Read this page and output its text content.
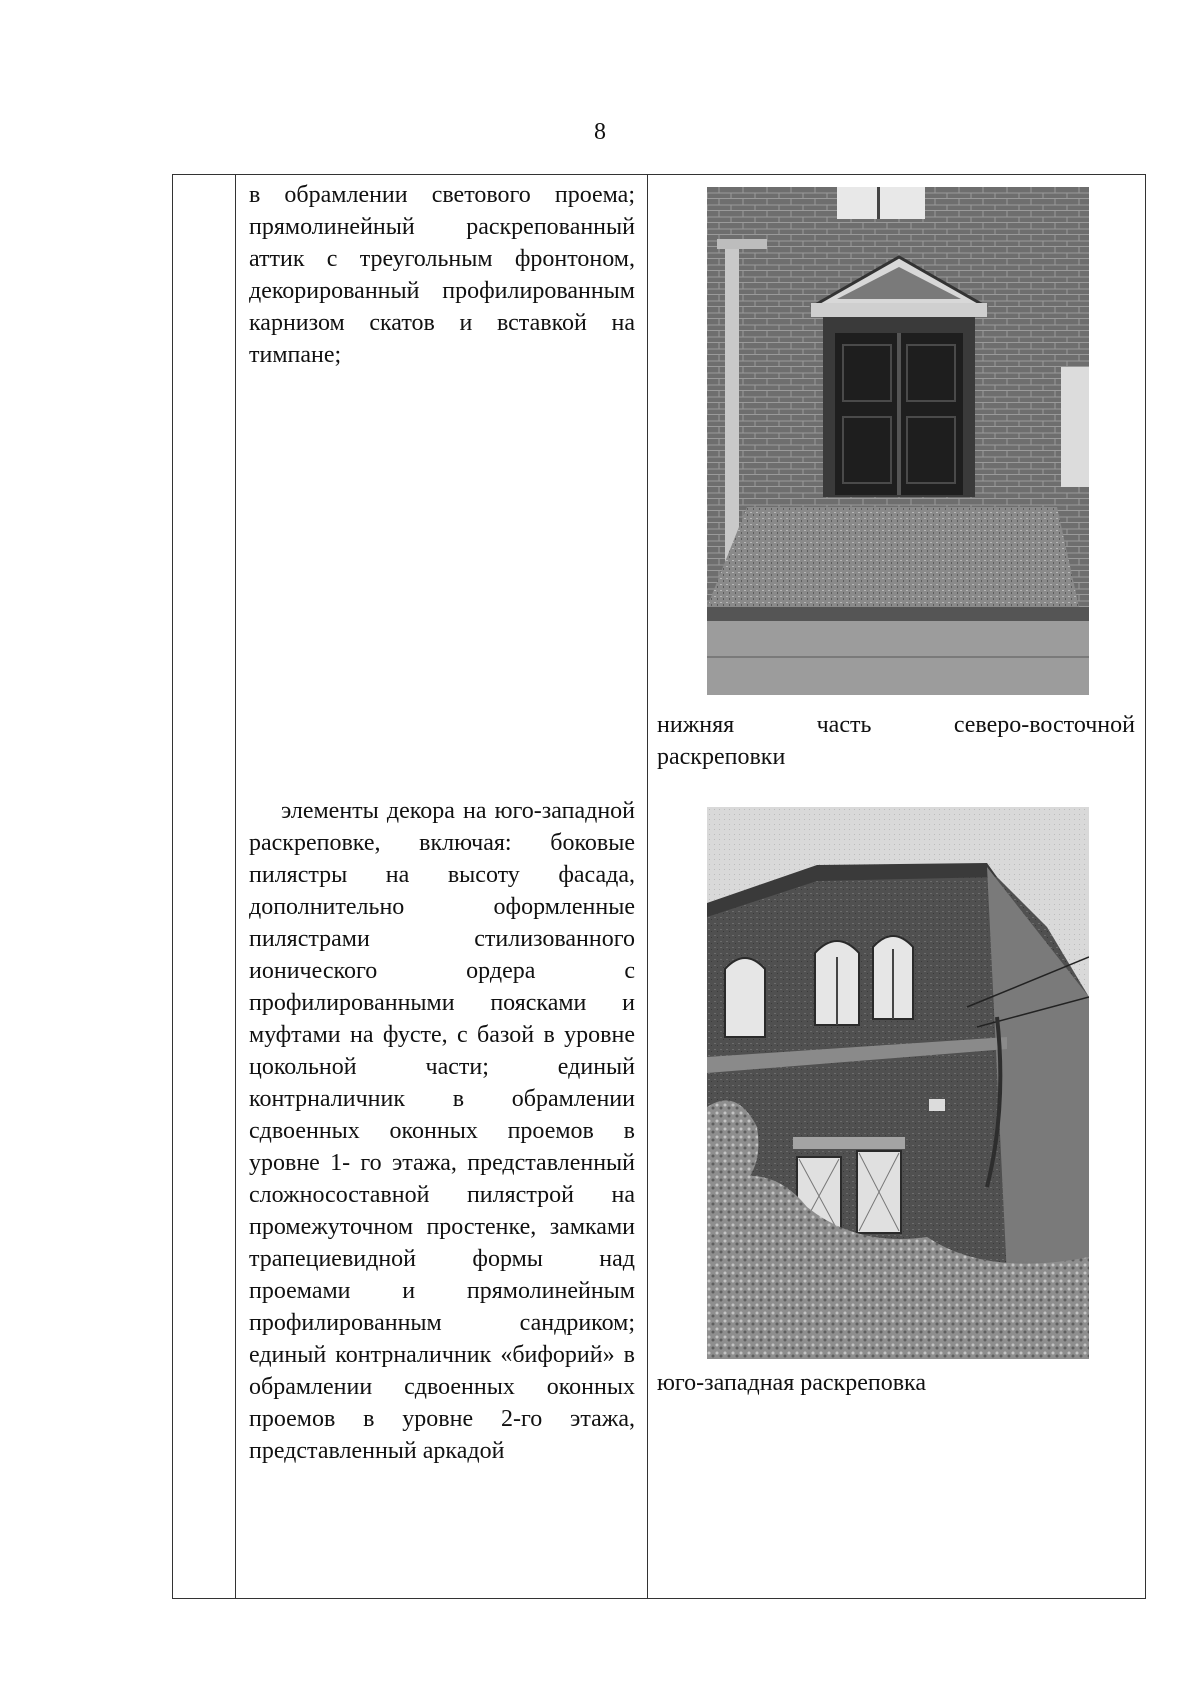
8
в обрамлении светового проема; прямолинейный раскрепованный аттик с треугольным фронтоном, декорированный профилированным карнизом скатов и вставкой на тимпане;
нижняя часть северо-восточной
раскреповки
элементы декора на юго-западной раскреповке, включая: боковые пилястры на высоту фасада, дополнительно оформленные пилястрами стилизованного ионического ордера с профилированными поясками и муфтами на фусте, с базой в уровне цокольной части; единый контрналичник в обрамлении сдвоенных оконных проемов в уровне 1- го этажа, представленный сложносоставной пилястрой на промежуточном простенке, замками трапециевидной формы над проемами и прямолинейным профилированным сандриком; единый контрналичник «бифорий» в обрамлении сдвоенных оконных проемов в уровне 2-го этажа, представленный аркадой
юго-западная раскреповка
